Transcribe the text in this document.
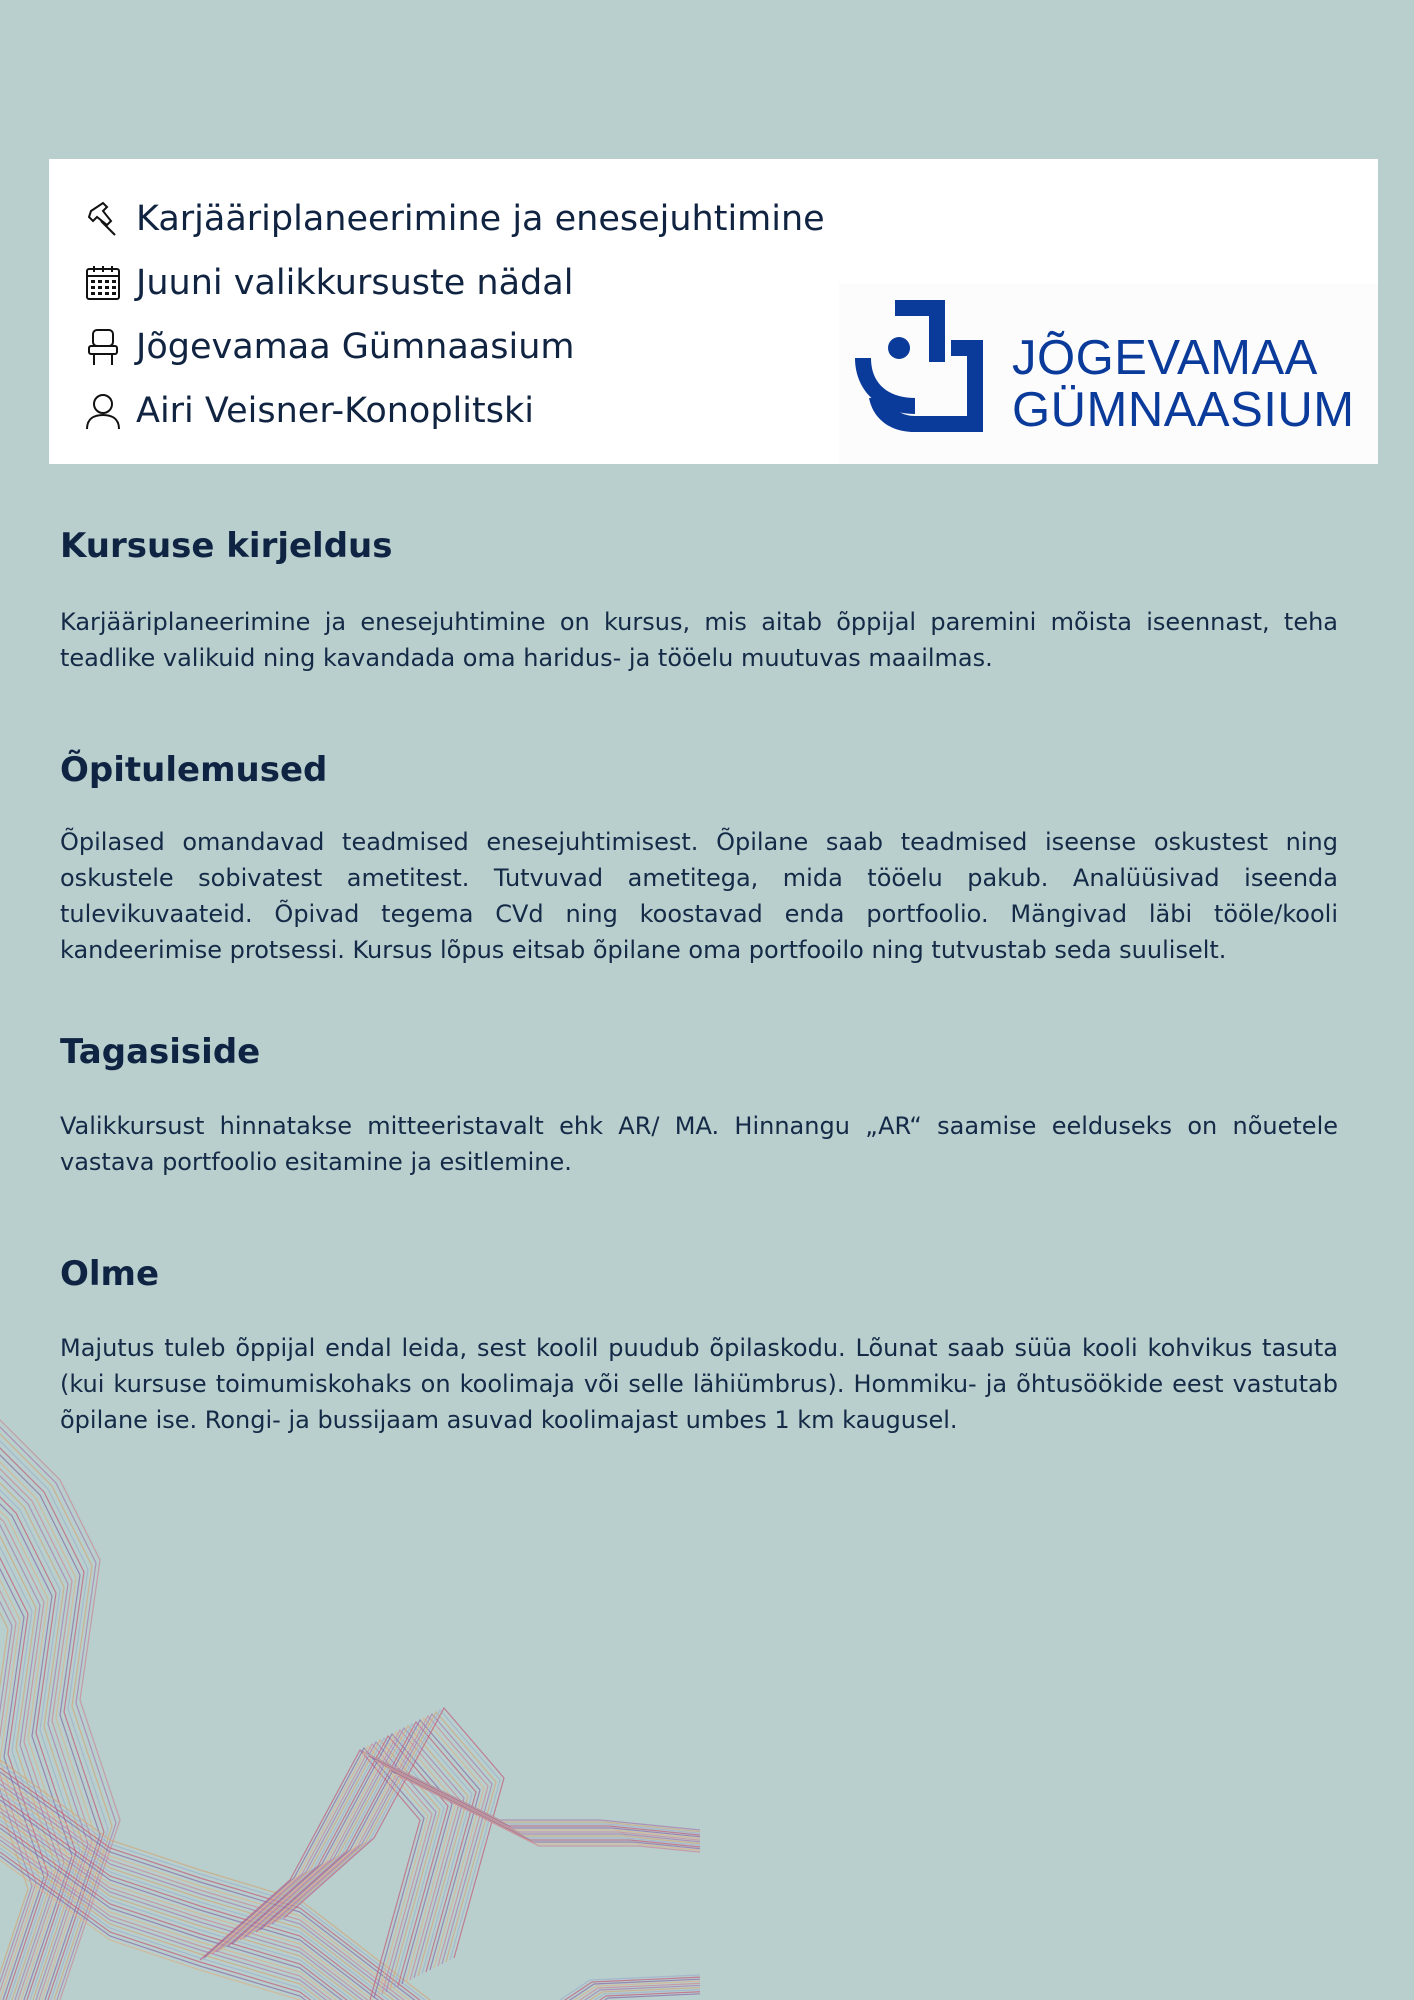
Karjääriplaneerimine ja enesejuhtimine
Juuni valikkursuste nädal
Jõgevamaa Gümnaasium
Airi Veisner-Konoplitski
JÕGEVAMAA
GÜMNAASIUM
Kursuse kirjeldus

Karjääriplaneerimine ja enesejuhtimine on kursus, mis aitab õppijal paremini mõista iseennast, teha teadlike valikuid ning kavandada oma haridus- ja tööelu muutuvas maailmas.

Õpitulemused

Õpilased omandavad teadmised enesejuhtimisest. Õpilane saab teadmised iseense oskustest ning oskustele sobivatest ametitest. Tutvuvad ametitega, mida tööelu pakub. Analüüsivad iseenda tulevikuvaateid. Õpivad tegema CVd ning koostavad enda portfoolio. Mängivad läbi tööle/kooli kandeerimise protsessi. Kursus lõpus eitsab õpilane oma portfooilo ning tutvustab seda suuliselt.

Tagasiside

Valikkursust hinnatakse mitteeristavalt ehk AR/ MA. Hinnangu „AR“ saamise eelduseks on nõuetele vastava portfoolio esitamine ja esitlemine.

Olme

Majutus tuleb õppijal endal leida, sest koolil puudub õpilaskodu. Lõunat saab süüa kooli kohvikus tasuta (kui kursuse toimumiskohaks on koolimaja või selle lähiümbrus). Hommiku- ja õhtusöökide eest vastutab õpilane ise. Rongi- ja bussijaam asuvad koolimajast umbes 1 km kaugusel.
